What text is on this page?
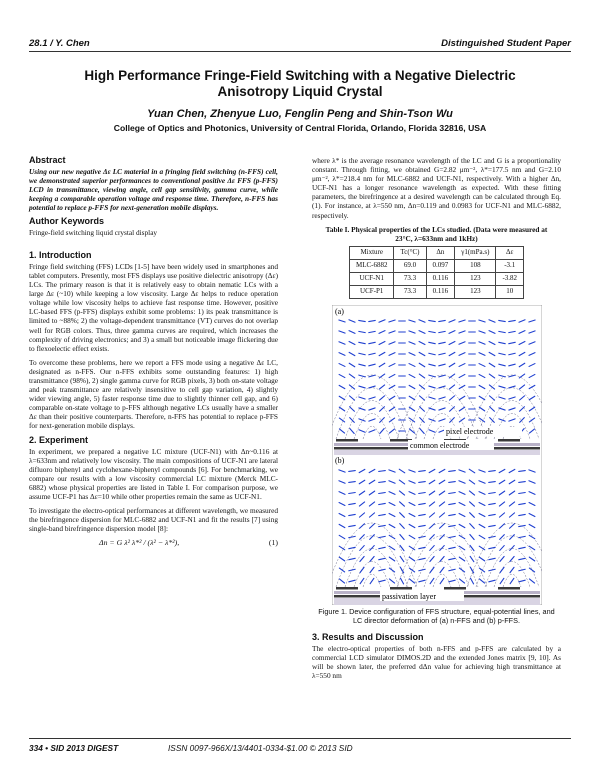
28.1 / Y. Chen	Distinguished Student Paper
High Performance Fringe-Field Switching with a Negative Dielectric Anisotropy Liquid Crystal
Yuan Chen, Zhenyue Luo, Fenglin Peng and Shin-Tson Wu
College of Optics and Photonics, University of Central Florida, Orlando, Florida 32816, USA
Abstract

Using our new negative Δε LC material in a fringing field switching (n-FFS) cell, we demonstrated superior performances to conventional positive Δε FFS (p-FFS) LCD in transmittance, viewing angle, cell gap sensitivity, gamma curve, while keeping a comparable operation voltage and response time. Therefore, n-FFS has potential to replace p-FFS for next-generation mobile displays.

Author Keywords

Fringe-field switching liquid crystal display

1. Introduction

Fringe field switching (FFS) LCDs [1-5] have been widely used in smartphones and tablet computers. Presently, most FFS displays use positive dielectric anisotropy (Δε) LCs. The primary reason is that it is relatively easy to obtain nematic LCs with a large Δε (~10) while keeping a low viscosity. Large Δε helps to reduce operation voltage while low viscosity helps to achieve fast response time. However, positive LC-based FFS (p-FFS) displays exhibit some problems: 1) its peak transmittance is limited to ~88%; 2) the voltage-dependent transmittance (VT) curves do not overlap well for RGB colors. Thus, three gamma curves are required, which increases the complexity of driving electronics; and 3) a small but noticeable image flickering due to flexoelectic effect exists.

To overcome these problems, here we report a FFS mode using a negative Δε LC, designated as n-FFS. Our n-FFS exhibits some outstanding features: 1) high transmittance (98%), 2) single gamma curve for RGB pixels, 3) both on-state voltage and peak transmittance are relatively insensitive to cell gap variation, 4) slightly wider viewing angle, 5) faster response time due to slightly thinner cell gap, and 6) comparable on-state voltage to p-FFS although negative LCs usually have a smaller Δε than their positive counterparts. Therefore, n-FFS has potential to replace p-FFS for next-generation mobile displays.

2. Experiment

In experiment, we prepared a negative LC mixture (UCF-N1) with Δn~0.116 at λ=633nm and relatively low viscosity. The main compositions of UCF-N1 are lateral difluoro biphenyl and cyclohexane-biphenyl compounds [6]. For benchmarking, we compare our results with a low viscosity commercial LC mixture (Merck MLC-6882) whose physical properties are listed in Table I. For comparison purpose, we assume UCF-P1 has Δε=10 while other properties remain the same as UCF-N1.

To investigate the electro-optical performances at different wavelength, we measured the birefringence dispersion for MLC-6882 and UCF-N1 and fit the results [7] using single-band birefringence dispersion model [8]:

Δn = G λ² λ*² / (λ² − λ*²),	(1)

where λ* is the average resonance wavelength of the LC and G is a proportionality constant. Through fitting, we obtained G=2.82 μm⁻², λ*=177.5 nm and G=2.10 μm⁻², λ*=218.4 nm for MLC-6882 and UCF-N1, respectively. With a higher Δn, UCF-N1 has a longer resonance wavelength as expected. With these fitting parameters, the birefringence at a desired wavelength can be calculated through Eq. (1). For instance, at λ=550 nm, Δn=0.119 and 0.0983 for UCF-N1 and MLC-6882, respectively.

Table I. Physical properties of the LCs studied. (Data were measured at 23°C, λ=633nm and 1kHz)
Mixture	Tc(°C)	Δn	γ1(mPa.s)	Δε
MLC-6882	69.0	0.097	108	-3.1
UCF-N1	73.3	0.116	123	-3.82
UCF-P1	73.3	0.116	123	10
(a)
(b)
pixel electrode
common electrode
passivation layer
Figure 1. Device configuration of FFS structure, equal-potential lines, and LC director deformation of (a) n-FFS and (b) p-FFS.
3. Results and Discussion

The electro-optical properties of both n-FFS and p-FFS are calculated by a commercial LCD simulator DIMOS.2D and the extended Jones matrix [9, 10]. As will be shown later, the preferred dΔn value for achieving high transmittance at λ=550 nm

334 • SID 2013 DIGEST	ISSN 0097-966X/13/4401-0334-$1.00 © 2013 SID
